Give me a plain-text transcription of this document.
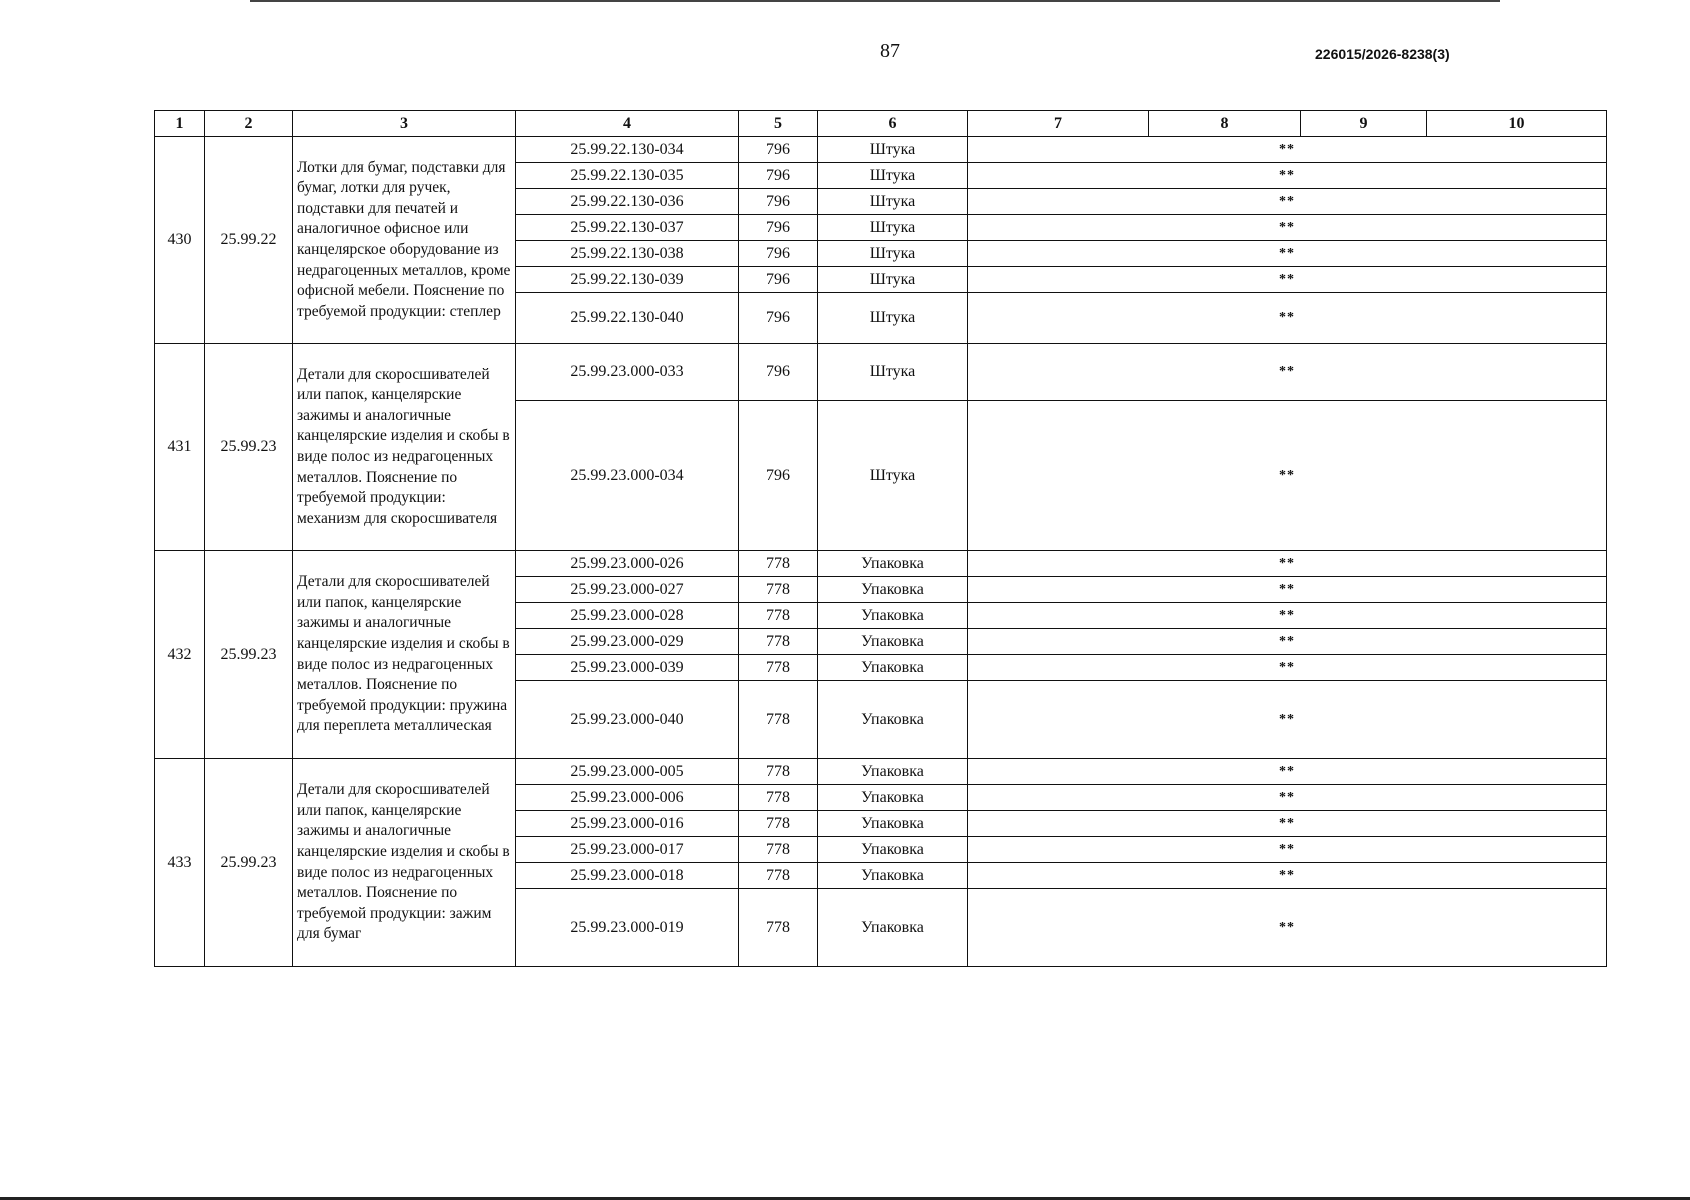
87	226015/2026-8238(3)
1	2	3	4	5	6	7	8	9	10
430	25.99.22	Лотки для бумаг, подставки для бумаг, лотки для ручек, подставки для печатей и аналогичное офисное или канцелярское оборудование из недрагоценных металлов, кроме офисной мебели. Пояснение по требуемой продукции: степлер	25.99.22.130-034	796	Штука	**			
			25.99.22.130-035	796	Штука	**			
			25.99.22.130-036	796	Штука	**			
			25.99.22.130-037	796	Штука	**			
			25.99.22.130-038	796	Штука	**			
			25.99.22.130-039	796	Штука	**			
			25.99.22.130-040	796	Штука	**			
431	25.99.23	Детали для скоросшивателей или папок, канцелярские зажимы и аналогичные канцелярские изделия и скобы в виде полос из недрагоценных металлов. Пояснение по требуемой продукции: механизм для скоросшивателя	25.99.23.000-033	796	Штука	**			
			25.99.23.000-034	796	Штука	**			
432	25.99.23	Детали для скоросшивателей или папок, канцелярские зажимы и аналогичные канцелярские изделия и скобы в виде полос из недрагоценных металлов. Пояснение по требуемой продукции: пружина для переплета металлическая	25.99.23.000-026	778	Упаковка	**			
			25.99.23.000-027	778	Упаковка	**			
			25.99.23.000-028	778	Упаковка	**			
			25.99.23.000-029	778	Упаковка	**			
			25.99.23.000-039	778	Упаковка	**			
			25.99.23.000-040	778	Упаковка	**			
433	25.99.23	Детали для скоросшивателей или папок, канцелярские зажимы и аналогичные канцелярские изделия и скобы в виде полос из недрагоценных металлов. Пояснение по требуемой продукции: зажим для бумаг	25.99.23.000-005	778	Упаковка	**			
			25.99.23.000-006	778	Упаковка	**			
			25.99.23.000-016	778	Упаковка	**			
			25.99.23.000-017	778	Упаковка	**			
			25.99.23.000-018	778	Упаковка	**			
			25.99.23.000-019	778	Упаковка	**			
